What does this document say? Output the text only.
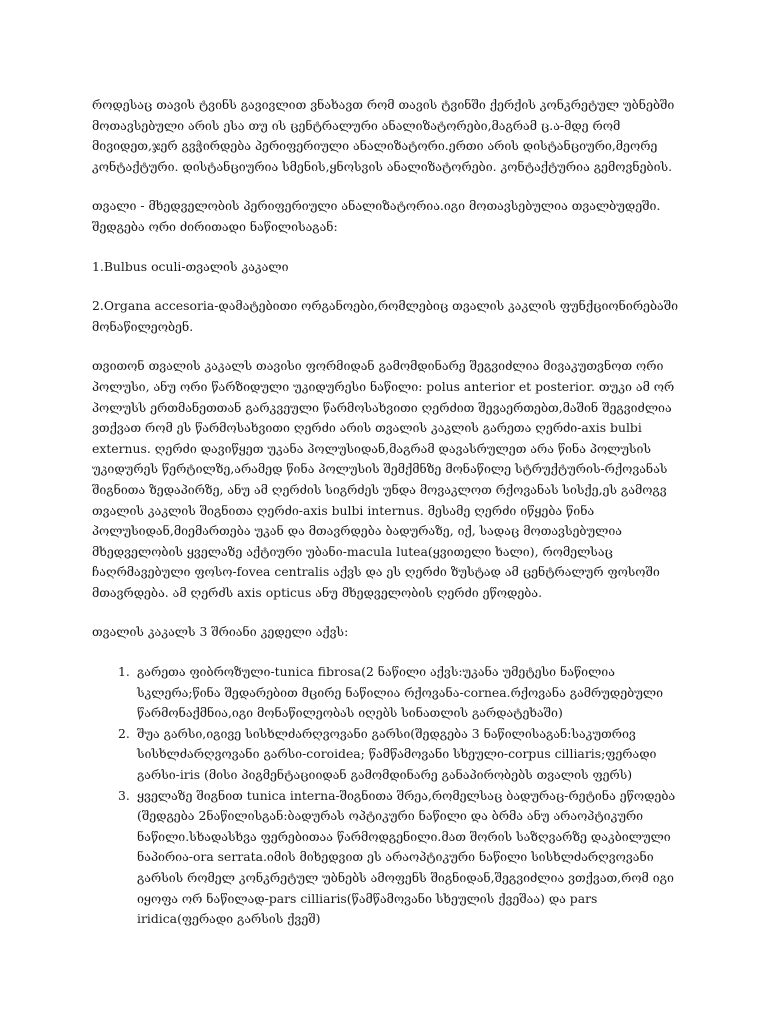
როდესაც თავის ტვინს გავივლით ვნახავთ რომ თავის ტვინში ქერქის კონკრეტულ უბნებში მოთავსებული არის ესა თუ ის ცენტრალური ანალიზატორები,მაგრამ ც.ა-მდე რომ მივიდეთ,ჯერ გვჭირდება პერიფერიული ანალიზატორი.ერთი არის დისტანციური,მეორე კონტაქტური. დისტანციურია სმენის,ყნოსვის ანალიზატორები. კონტაქტურია გემოვნების.

თვალი - მხედველობის პერიფერიული ანალიზატორია.იგი მოთავსებულია თვალბუდეში. შედგება ორი ძირითადი ნაწილისაგან:

1.Bulbus oculi-თვალის კაკალი

2.Organa accesoria-დამატებითი ორგანოები,რომლებიც თვალის კაკლის ფუნქციონირებაში მონაწილეობენ.

თვითონ თვალის კაკალს თავისი ფორმიდან გამომდინარე შეგვიძლია მივაკუთვნოთ ორი პოლუსი, ანუ ორი წარზიდული უკიდურესი ნაწილი: polus anterior et posterior. თუკი ამ ორ პოლუსს ერთმანეთთან გარკვეული წარმოსახვითი ღერძით შევაერთებთ,მაშინ შეგვიძლია ვთქვათ რომ ეს წარმოსახვითი ღერძი არის თვალის კაკლის გარეთა ღერძი-axis bulbi externus. ღერძი დავიწყეთ უკანა პოლუსიდან,მაგრამ დავასრულეთ არა წინა პოლუსის უკიდურეს წერტილზე,არამედ წინა პოლუსის შემქმნზე მონაწილე სტრუქტურის-რქოვანას შიგნითა ზედაპირზე, ანუ ამ ღერძის სიგრძეს უნდა მოვაკლოთ რქოვანას სისქე,ეს გამოგვ თვალის კაკლის შიგნითა ღერძი-axis bulbi internus. მესამე ღერძი იწყება წინა პოლუსიდან,მიემართება უკან და მთავრდება ბადურაზე, იქ, სადაც მოთავსებულია მხედველობის ყველაზე აქტიური უბანი-macula lutea(ყვითელი ხალი), რომელსაც ჩაღრმავებული ფოსო-fovea centralis აქვს და ეს ღერძი ზუსტად ამ ცენტრალურ ფოსოში მთავრდება. ამ ღერძს axis opticus ანუ მხედველობის ღერძი ეწოდება.

თვალის კაკალს 3 შრიანი კედელი აქვს:

1. გარეთა ფიბროზული-tunica fibrosa(2 ნაწილი აქვს:უკანა უმეტესი ნაწილია სკლერა;წინა შედარებით მცირე ნაწილია რქოვანა-cornea.რქოვანა გამრუდებული წარმონაქმნია,იგი მონაწილეობას იღებს სინათლის გარდატეხაში)
2. შუა გარსი,იგივე სისხლძარღვოვანი გარსი(შედგება 3 ნაწილისაგან:საკუთრივ სისხლძარღვოვანი გარსი-coroidea; წამწამოვანი სხეული-corpus cilliaris;ფერადი გარსი-iris (მისი პიგმენტაციიდან გამომდინარე განაპირობებს თვალის ფერს)
3. ყველაზე შიგნით tunica interna-შიგნითა შრეა,რომელსაც ბადურაც-რეტინა ეწოდება (შედგება 2ნაწილისგან:ბადურას ოპტიკური ნაწილი და ბრმა ანუ არაოპტიკური ნაწილი.სხადასხვა ფერებითაა წარმოდგენილი.მათ შორის საზღვარზე დაკბილული ნაპირია-ora serrata.იმის მიხედვით ეს არაოპტიკური ნაწილი სისხლძარღვოვანი გარსის რომელ კონკრეტულ უბნებს ამოფენს შიგნიდან,შეგვიძლია ვთქვათ,რომ იგი იყოფა ორ ნაწილად-pars cilliaris(წამწამოვანი სხეულის ქვეშაა) და pars iridica(ფერადი გარსის ქვეშ)
